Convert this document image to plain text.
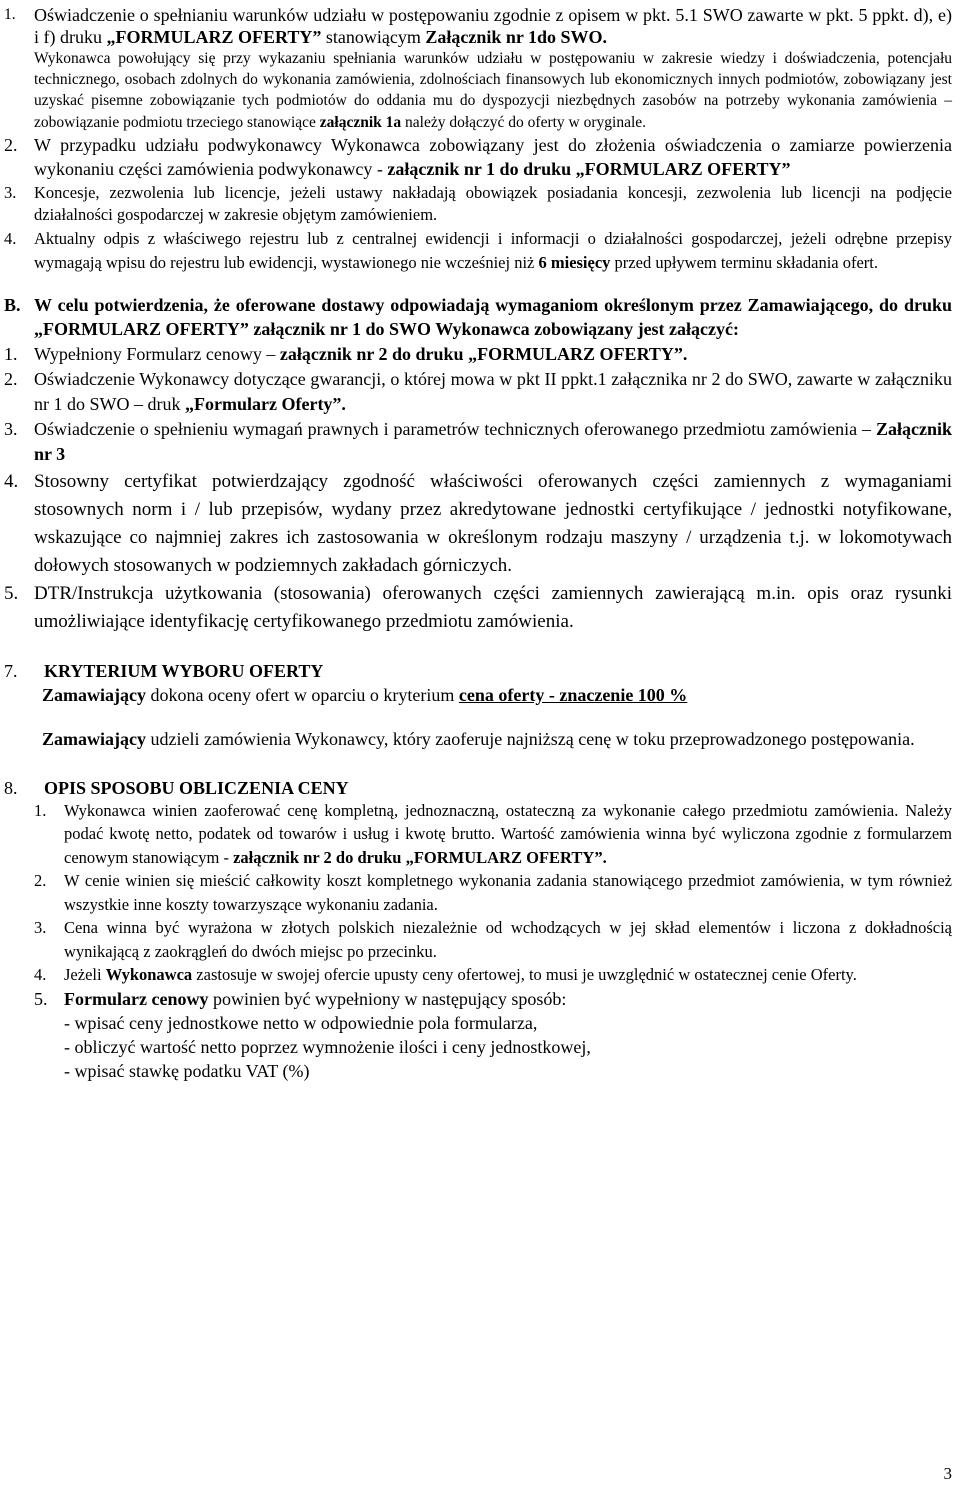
1.	Oświadczenie o spełnianiu warunków udziału w postępowaniu zgodnie z opisem w pkt. 5.1 SWO zawarte w pkt. 5 ppkt. d), e) i f) druku „FORMULARZ OFERTY” stanowiącym Załącznik nr 1do SWO.

Wykonawca powołujący się przy wykazaniu spełniania warunków udziału w postępowaniu w zakresie wiedzy i doświadczenia, potencjału technicznego, osobach zdolnych do wykonania zamówienia, zdolnościach finansowych lub ekonomicznych innych podmiotów, zobowiązany jest uzyskać pisemne zobowiązanie tych podmiotów do oddania mu do dyspozycji niezbędnych zasobów na potrzeby wykonania zamówienia – zobowiązanie podmiotu trzeciego stanowiące załącznik 1a należy dołączyć do oferty w oryginale.

2. W przypadku udziału podwykonawcy Wykonawca zobowiązany jest do złożenia oświadczenia o zamiarze powierzenia wykonaniu części zamówienia podwykonawcy - załącznik nr 1 do druku „FORMULARZ OFERTY”

3.	Koncesje, zezwolenia lub licencje, jeżeli ustawy nakładają obowiązek posiadania koncesji, zezwolenia lub licencji na podjęcie działalności gospodarczej w zakresie objętym zamówieniem.

4.	Aktualny odpis z właściwego rejestru lub z centralnej ewidencji i informacji o działalności gospodarczej, jeżeli odrębne przepisy wymagają wpisu do rejestru lub ewidencji, wystawionego nie wcześniej niż 6 miesięcy przed upływem terminu składania ofert.

B. W celu potwierdzenia, że oferowane dostawy odpowiadają wymaganiom określonym przez Zamawiającego, do druku „FORMULARZ OFERTY” załącznik nr 1 do SWO Wykonawca zobowiązany jest załączyć:

1. Wypełniony Formularz cenowy – załącznik nr 2 do druku „FORMULARZ OFERTY”.

2. Oświadczenie Wykonawcy dotyczące gwarancji, o której mowa w pkt II ppkt.1 załącznika nr 2 do SWO, zawarte w załączniku nr 1 do SWO – druk „Formularz Oferty”.

3. Oświadczenie o spełnieniu wymagań prawnych i parametrów technicznych oferowanego przedmiotu zamówienia – Załącznik nr 3

4. Stosowny certyfikat potwierdzający zgodność właściwości oferowanych części zamiennych z wymaganiami stosownych norm i / lub przepisów, wydany przez akredytowane jednostki certyfikujące / jednostki notyfikowane, wskazujące co najmniej zakres ich zastosowania w określonym rodzaju maszyny / urządzenia t.j. w lokomotywach dołowych stosowanych w podziemnych zakładach górniczych.

5. DTR/Instrukcja użytkowania (stosowania) oferowanych części zamiennych zawierającą m.in. opis oraz rysunki umożliwiające identyfikację certyfikowanego przedmiotu zamówienia.

7.	KRYTERIUM WYBORU OFERTY

Zamawiający dokona oceny ofert w oparciu o kryterium cena oferty - znaczenie 100 %

Zamawiający udzieli zamówienia Wykonawcy, który zaoferuje najniższą cenę w toku przeprowadzonego postępowania.

8.	OPIS SPOSOBU OBLICZENIA CENY

1.	Wykonawca winien zaoferować cenę kompletną, jednoznaczną, ostateczną za wykonanie całego przedmiotu zamówienia. Należy podać kwotę netto, podatek od towarów i usług i kwotę brutto. Wartość zamówienia winna być wyliczona zgodnie z formularzem cenowym stanowiącym - załącznik nr 2 do druku „FORMULARZ OFERTY”.

2.	W cenie winien się mieścić całkowity koszt kompletnego wykonania zadania stanowiącego przedmiot zamówienia, w tym również wszystkie inne koszty towarzyszące wykonaniu zadania.

3.	Cena winna być wyrażona w złotych polskich niezależnie od wchodzących w jej skład elementów i liczona z dokładnością wynikającą z zaokrągleń do dwóch miejsc po przecinku.

4.	Jeżeli Wykonawca zastosuje w swojej ofercie upusty ceny ofertowej, to musi je uwzględnić w ostatecznej cenie Oferty.

5. Formularz cenowy powinien być wypełniony w następujący sposób:

- wpisać ceny jednostkowe netto w odpowiednie pola formularza,

- obliczyć wartość netto poprzez wymnożenie ilości i ceny jednostkowej,

- wpisać stawkę podatku VAT (%)

3
